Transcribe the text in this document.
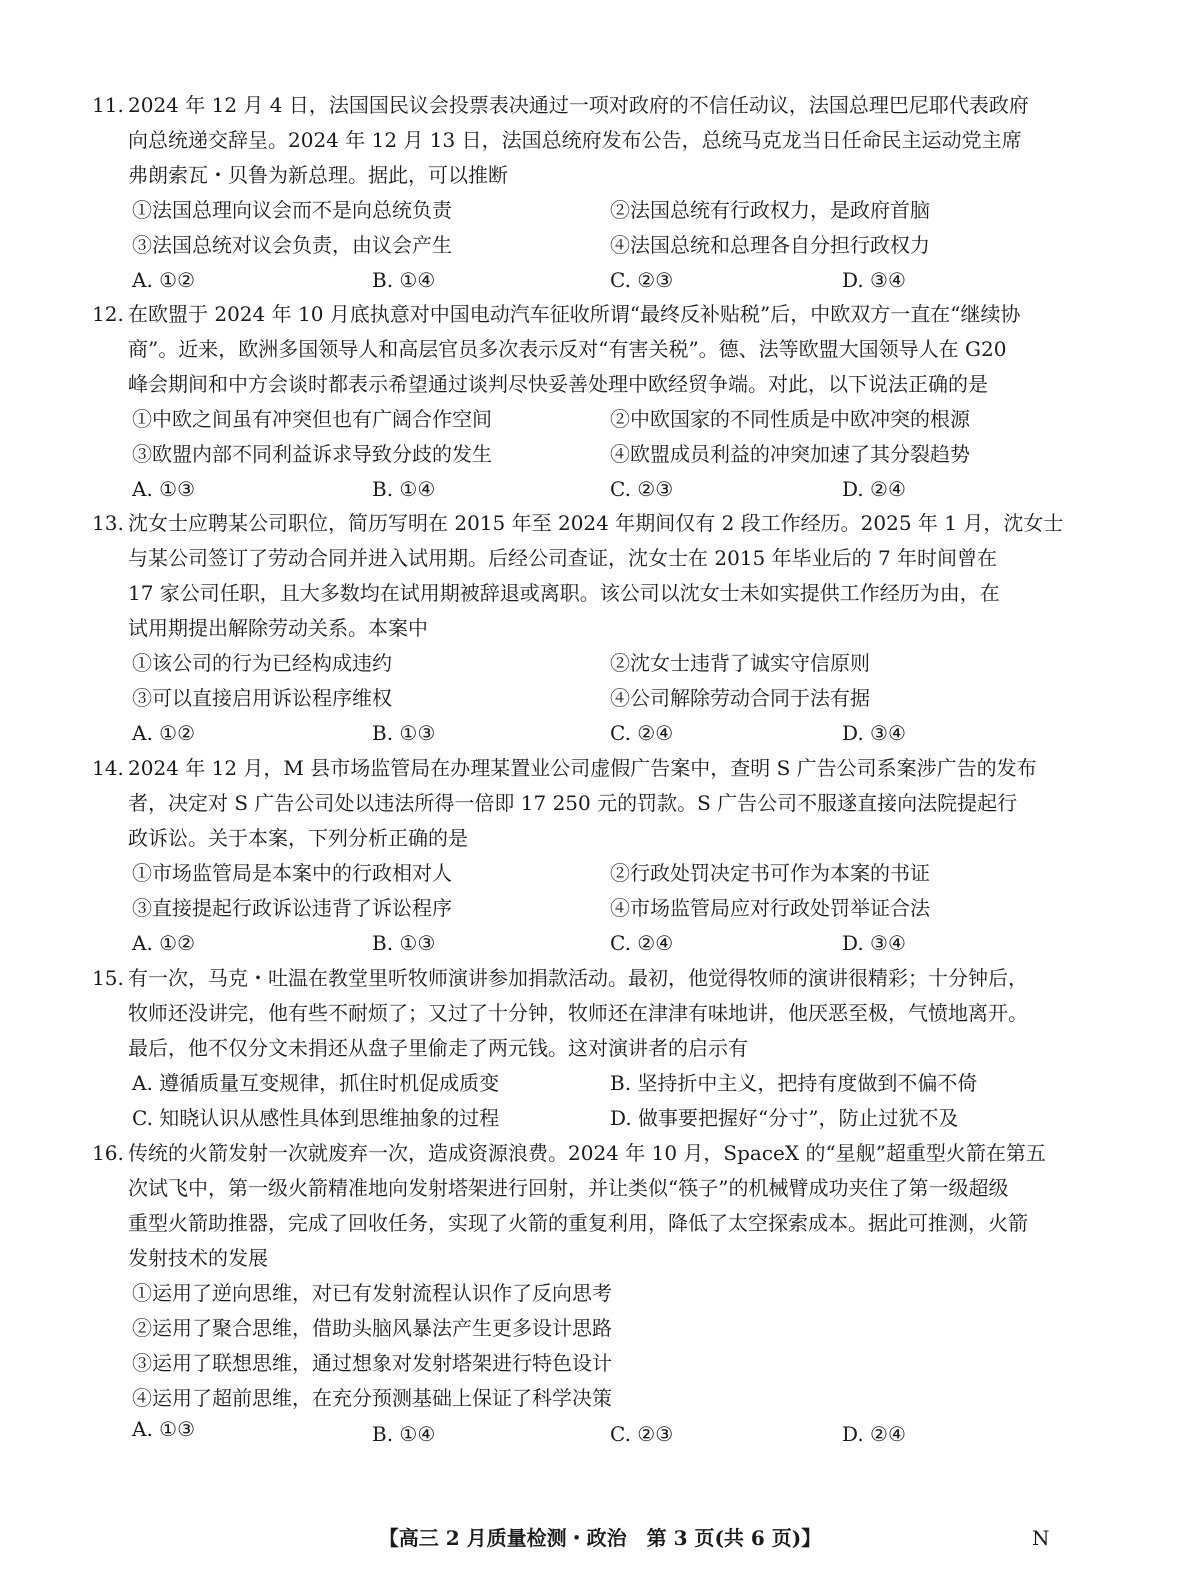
11. 2024 年 12 月 4 日，法国国民议会投票表决通过一项对政府的不信任动议，法国总理巴尼耶代表政府
向总统递交辞呈。2024 年 12 月 13 日，法国总统府发布公告，总统马克龙当日任命民主运动党主席
弗朗索瓦・贝鲁为新总理。据此，可以推断
①法国总理向议会而不是向总统负责	②法国总统有行政权力，是政府首脑
③法国总统对议会负责，由议会产生	④法国总统和总理各自分担行政权力
A. ①②	B. ①④	C. ②③	D. ③④
12. 在欧盟于 2024 年 10 月底执意对中国电动汽车征收所谓“最终反补贴税”后，中欧双方一直在“继续协
商”。近来，欧洲多国领导人和高层官员多次表示反对“有害关税”。德、法等欧盟大国领导人在 G20
峰会期间和中方会谈时都表示希望通过谈判尽快妥善处理中欧经贸争端。对此，以下说法正确的是
①中欧之间虽有冲突但也有广阔合作空间	②中欧国家的不同性质是中欧冲突的根源
③欧盟内部不同利益诉求导致分歧的发生	④欧盟成员利益的冲突加速了其分裂趋势
A. ①③	B. ①④	C. ②③	D. ②④
13. 沈女士应聘某公司职位，简历写明在 2015 年至 2024 年期间仅有 2 段工作经历。2025 年 1 月，沈女士
与某公司签订了劳动合同并进入试用期。后经公司查证，沈女士在 2015 年毕业后的 7 年时间曾在
17 家公司任职，且大多数均在试用期被辞退或离职。该公司以沈女士未如实提供工作经历为由，在
试用期提出解除劳动关系。本案中
①该公司的行为已经构成违约	②沈女士违背了诚实守信原则
③可以直接启用诉讼程序维权	④公司解除劳动合同于法有据
A. ①②	B. ①③	C. ②④	D. ③④
14. 2024 年 12 月，M 县市场监管局在办理某置业公司虚假广告案中，查明 S 广告公司系案涉广告的发布
者，决定对 S 广告公司处以违法所得一倍即 17 250 元的罚款。S 广告公司不服遂直接向法院提起行
政诉讼。关于本案，下列分析正确的是
①市场监管局是本案中的行政相对人	②行政处罚决定书可作为本案的书证
③直接提起行政诉讼违背了诉讼程序	④市场监管局应对行政处罚举证合法
A. ①②	B. ①③	C. ②④	D. ③④
15. 有一次，马克・吐温在教堂里听牧师演讲参加捐款活动。最初，他觉得牧师的演讲很精彩；十分钟后，
牧师还没讲完，他有些不耐烦了；又过了十分钟，牧师还在津津有味地讲，他厌恶至极，气愤地离开。
最后，他不仅分文未捐还从盘子里偷走了两元钱。这对演讲者的启示有
A. 遵循质量互变规律，抓住时机促成质变	B. 坚持折中主义，把持有度做到不偏不倚
C. 知晓认识从感性具体到思维抽象的过程	D. 做事要把握好“分寸”，防止过犹不及
16. 传统的火箭发射一次就废弃一次，造成资源浪费。2024 年 10 月，SpaceX 的“星舰”超重型火箭在第五
次试飞中，第一级火箭精准地向发射塔架进行回射，并让类似“筷子”的机械臂成功夹住了第一级超级
重型火箭助推器，完成了回收任务，实现了火箭的重复利用，降低了太空探索成本。据此可推测，火箭
发射技术的发展
①运用了逆向思维，对已有发射流程认识作了反向思考
②运用了聚合思维，借助头脑风暴法产生更多设计思路
③运用了联想思维，通过想象对发射塔架进行特色设计
④运用了超前思维，在充分预测基础上保证了科学决策
A. ①③	B. ①④	C. ②③	D. ②④
【高三 2 月质量检测・政治　第 3 页(共 6 页)】	N
